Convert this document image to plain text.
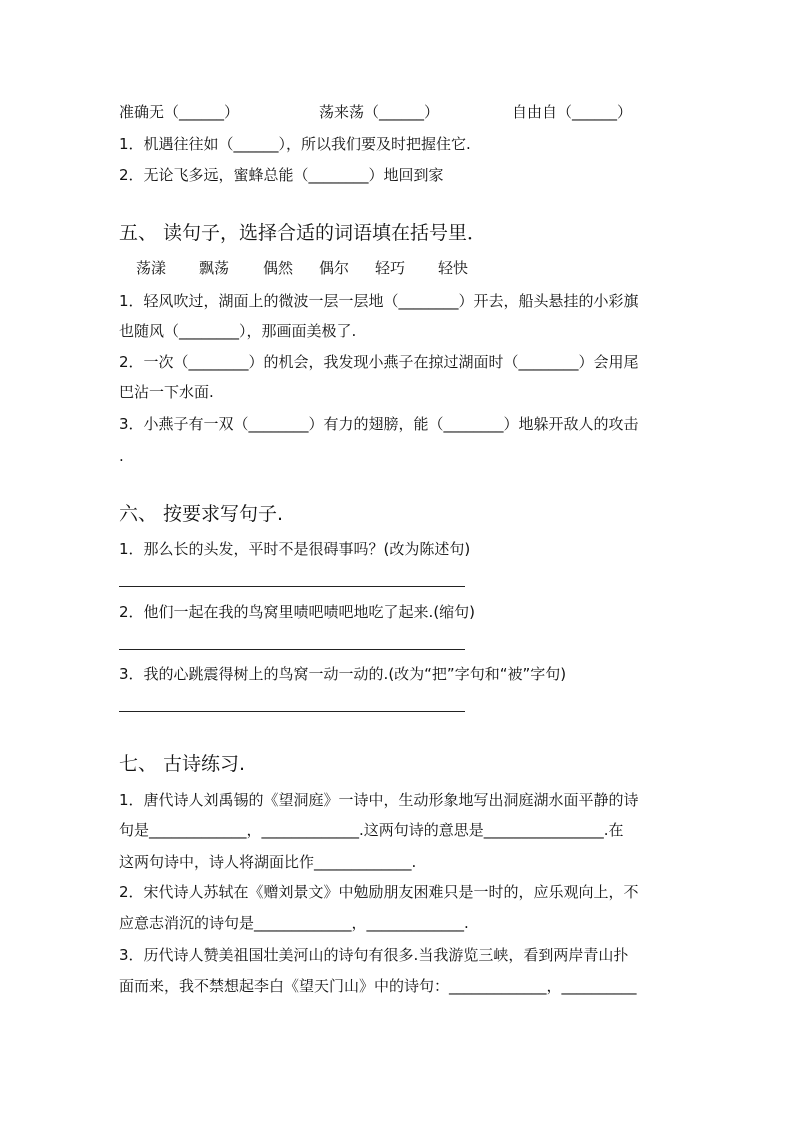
准确无（______）	荡来荡（______）	自由自（______）
1．机遇往往如（______），所以我们要及时把握住它.
2．无论飞多远，蜜蜂总能（________）地回到家
五、 读句子，选择合适的词语填在括号里．
荡漾 飘荡 偶然 偶尔 轻巧 轻快
1．轻风吹过，湖面上的微波一层一层地（________）开去，船头悬挂的小彩旗
也随风（________），那画面美极了.
2．一次（________）的机会，我发现小燕子在掠过湖面时（________）会用尾
巴沾一下水面.
3．小燕子有一双（________）有力的翅膀，能（________）地躲开敌人的攻击
.
六、 按要求写句子.
1．那么长的头发，平时不是很碍事吗？(改为陈述句)
2．他们一起在我的鸟窝里啧吧啧吧地吃了起来.(缩句)
3．我的心跳震得树上的鸟窝一动一动的.(改为“把”字句和“被”字句)
七、 古诗练习.
1．唐代诗人刘禹锡的《望洞庭》一诗中，生动形象地写出洞庭湖水面平静的诗
句是_____________，_____________.这两句诗的意思是________________.在
这两句诗中，诗人将湖面比作_____________.
2．宋代诗人苏轼在《赠刘景文》中勉励朋友困难只是一时的，应乐观向上，不
应意志消沉的诗句是_____________，_____________.
3．历代诗人赞美祖国壮美河山的诗句有很多.当我游览三峡，看到两岸青山扑
面而来，我不禁想起李白《望天门山》中的诗句：_____________，__________
